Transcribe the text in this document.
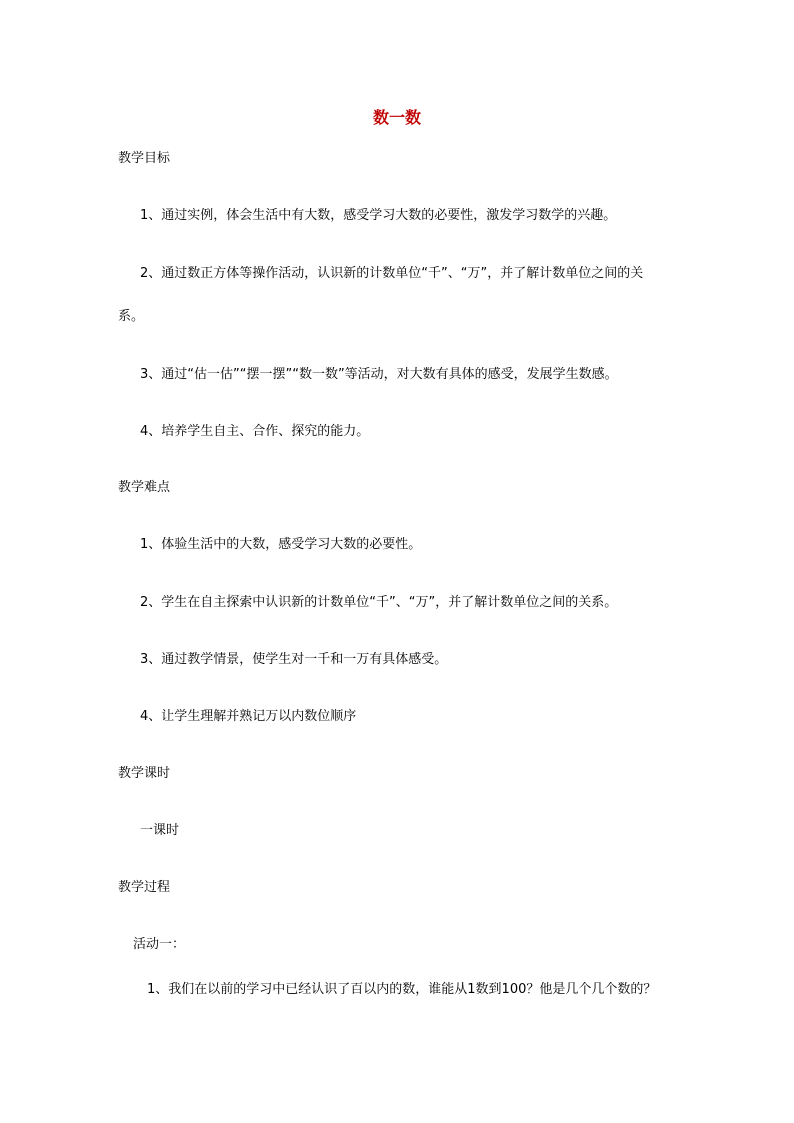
数一数
教学目标
1、通过实例，体会生活中有大数，感受学习大数的必要性，激发学习数学的兴趣。
2、通过数正方体等操作活动，认识新的计数单位“千”、“万”，并了解计数单位之间的关
系。
3、通过“估一估”“摆一摆”“数一数”等活动，对大数有具体的感受，发展学生数感。
4、培养学生自主、合作、探究的能力。
教学难点
1、体验生活中的大数，感受学习大数的必要性。
2、学生在自主探索中认识新的计数单位“千”、“万”，并了解计数单位之间的关系。
3、通过教学情景，使学生对一千和一万有具体感受。
4、让学生理解并熟记万以内数位顺序
教学课时
一课时
教学过程
活动一：
1、我们在以前的学习中已经认识了百以内的数，谁能从1数到100？他是几个几个数的？
